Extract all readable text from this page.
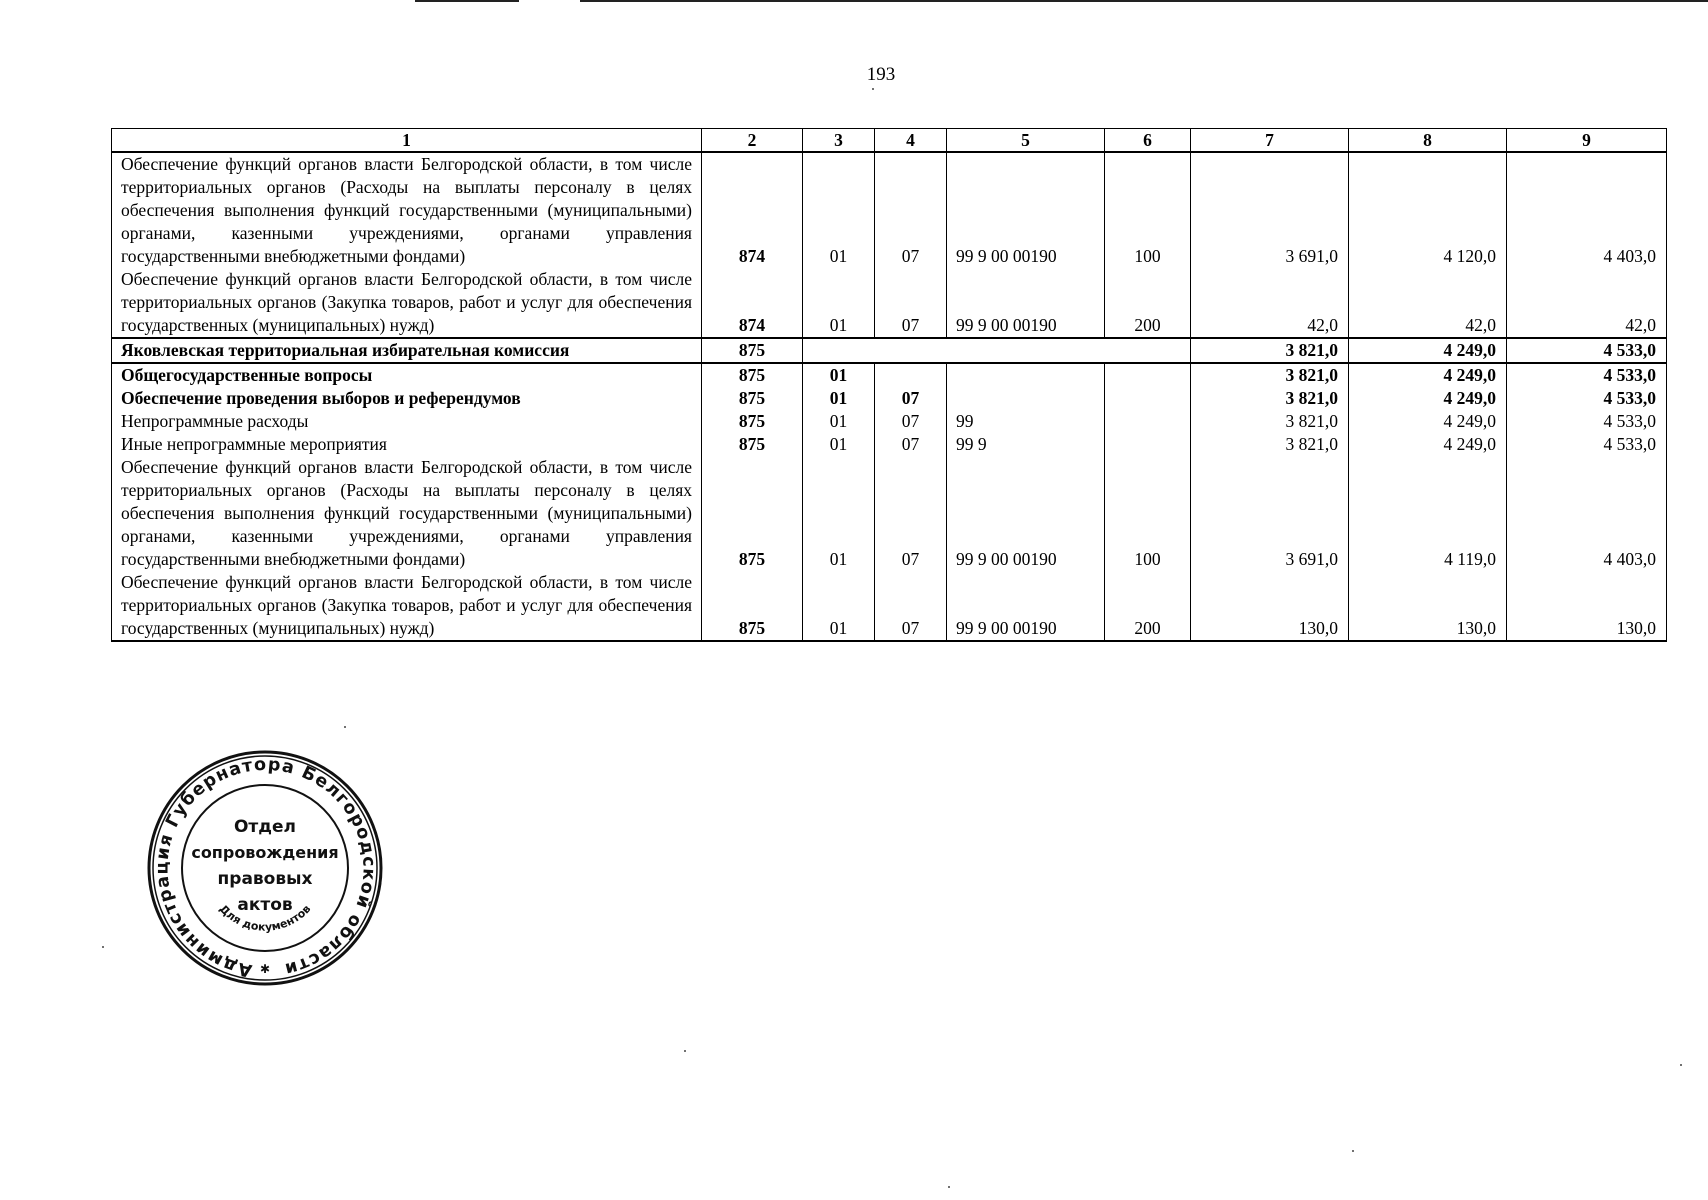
193
1	2	3	4	5	6	7	8	9
Обеспечение функций органов власти Белгородской области, в том числе территориальных органов (Расходы на выплаты персоналу в целях обеспечения выполнения функций государственными (муниципальными) органами, казенными учреждениями, органами управления государственными внебюджетными фондами)	874	01	07	99 9 00 00190	100	3 691,0	4 120,0	4 403,0
Обеспечение функций органов власти Белгородской области, в том числе территориальных органов (Закупка товаров, работ и услуг для обеспечения государственных (муниципальных) нужд)	874	01	07	99 9 00 00190	200	42,0	42,0	42,0
Яковлевская территориальная избирательная комиссия	875					3 821,0	4 249,0	4 533,0
Общегосударственные вопросы	875	01				3 821,0	4 249,0	4 533,0
Обеспечение проведения выборов и референдумов	875	01	07			3 821,0	4 249,0	4 533,0
Непрограммные расходы	875	01	07	99		3 821,0	4 249,0	4 533,0
Иные непрограммные мероприятия	875	01	07	99 9		3 821,0	4 249,0	4 533,0
Обеспечение функций органов власти Белгородской области, в том числе территориальных органов (Расходы на выплаты персоналу в целях обеспечения выполнения функций государственными (муниципальными) органами, казенными учреждениями, органами управления государственными внебюджетными фондами)	875	01	07	99 9 00 00190	100	3 691,0	4 119,0	4 403,0
Обеспечение функций органов власти Белгородской области, в том числе территориальных органов (Закупка товаров, работ и услуг для обеспечения государственных (муниципальных) нужд)	875	01	07	99 9 00 00190	200	130,0	130,0	130,0
Администрация Губернатора Белгородской области
Отдел
сопровождения
правовых
актов
Для документов
✱
